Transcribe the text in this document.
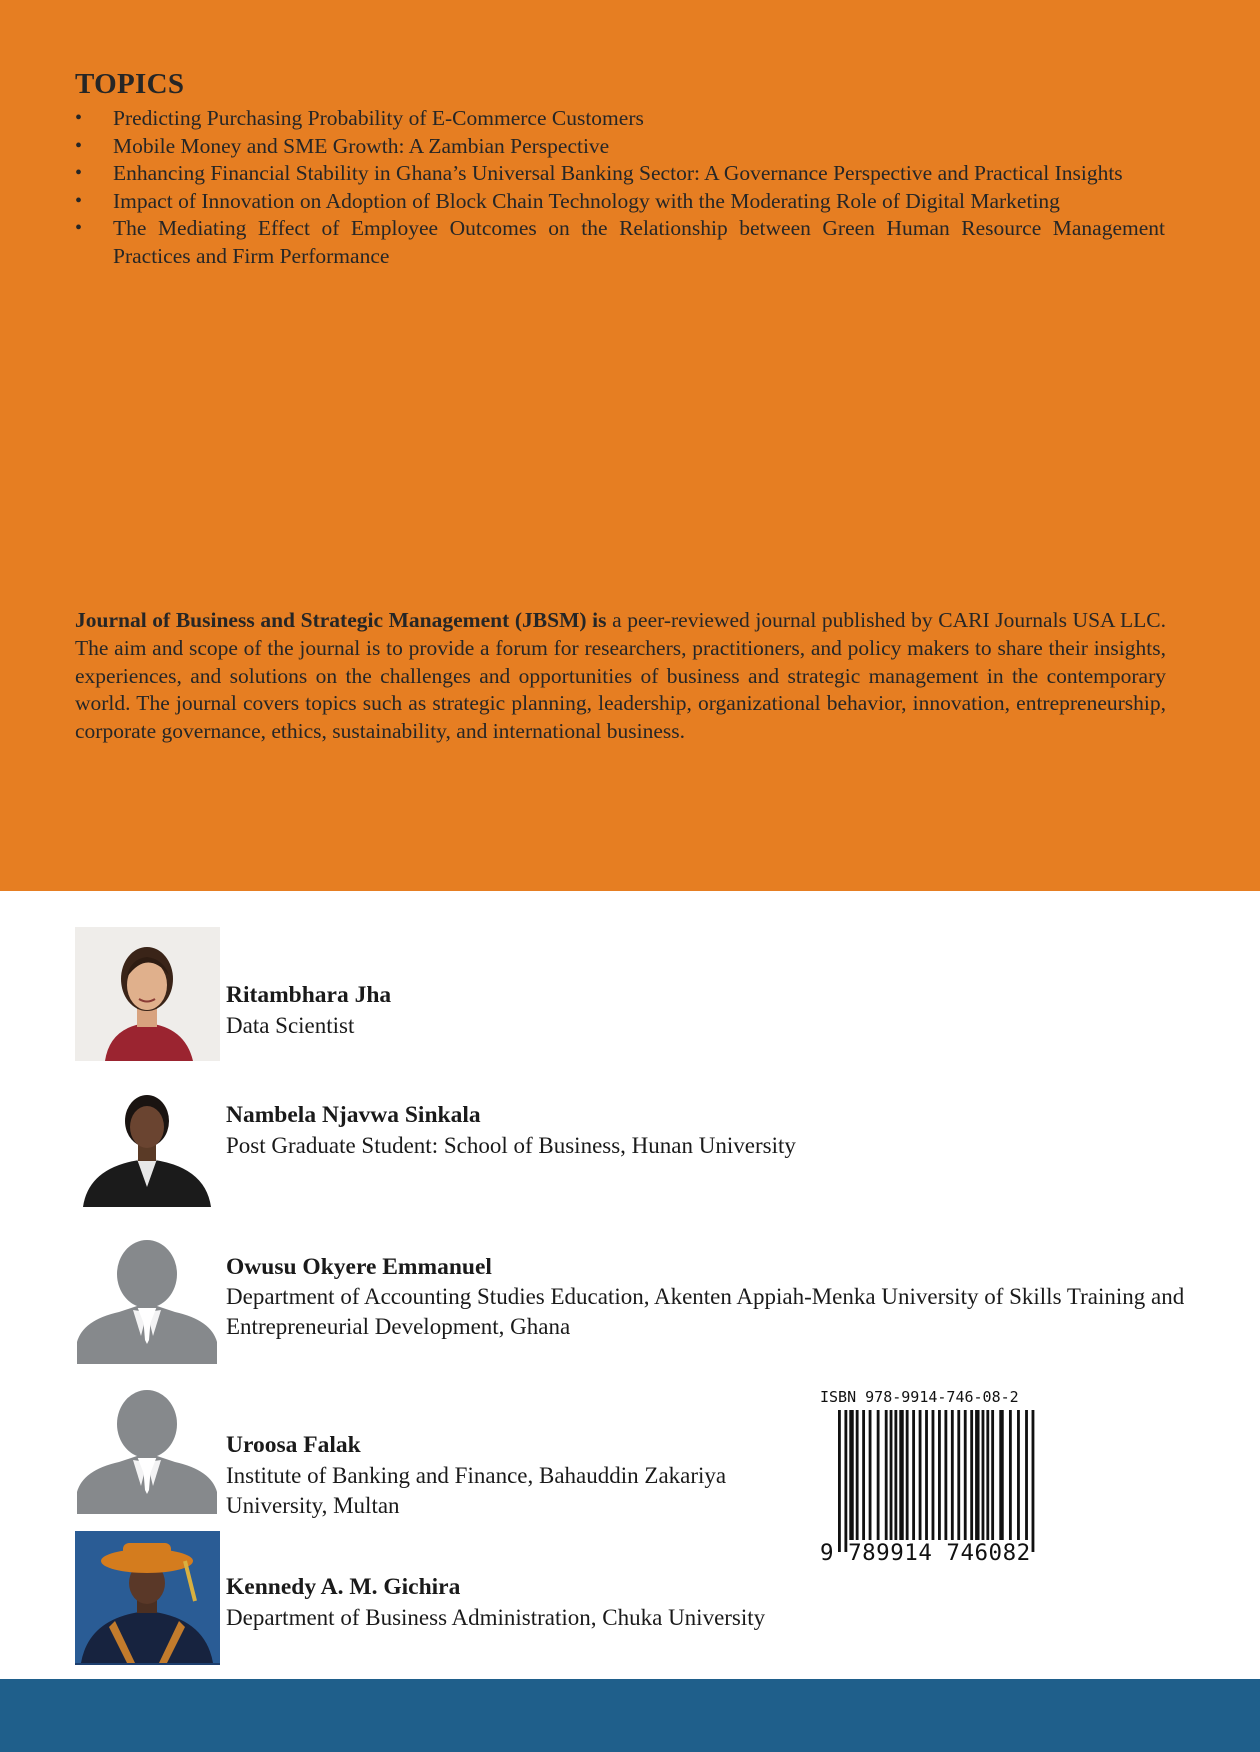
TOPICS
• Predicting Purchasing Probability of E-Commerce Customers
• Mobile Money and SME Growth: A Zambian Perspective
• Enhancing Financial Stability in Ghana’s Universal Banking Sector: A Governance Perspective and Practical Insights
• Impact of Innovation on Adoption of Block Chain Technology with the Moderating Role of Digital Marketing
• The Mediating Effect of Employee Outcomes on the Relationship between Green Human Resource Management Practices and Firm Performance
Journal of Business and Strategic Management (JBSM) is a peer-reviewed journal published by CARI Journals USA LLC. The aim and scope of the journal is to provide a forum for researchers, practitioners, and policy makers to share their insights, experiences, and solutions on the challenges and opportunities of business and strategic management in the contemporary world. The journal covers topics such as strategic planning, leadership, organizational behavior, innovation, entrepreneurship, corporate governance, ethics, sustainability, and international business.
Ritambhara Jha
Data Scientist
Nambela Njavwa Sinkala
Post Graduate Student: School of Business, Hunan University
Owusu Okyere Emmanuel
Department of Accounting Studies Education, Akenten Appiah-Menka University of Skills Training and Entrepreneurial Development, Ghana
Uroosa Falak
Institute of Banking and Finance, Bahauddin Zakariya University, Multan
Kennedy A. M. Gichira
Department of Business Administration, Chuka University
ISBN 978-9914-746-08-2
9 789914 746082
